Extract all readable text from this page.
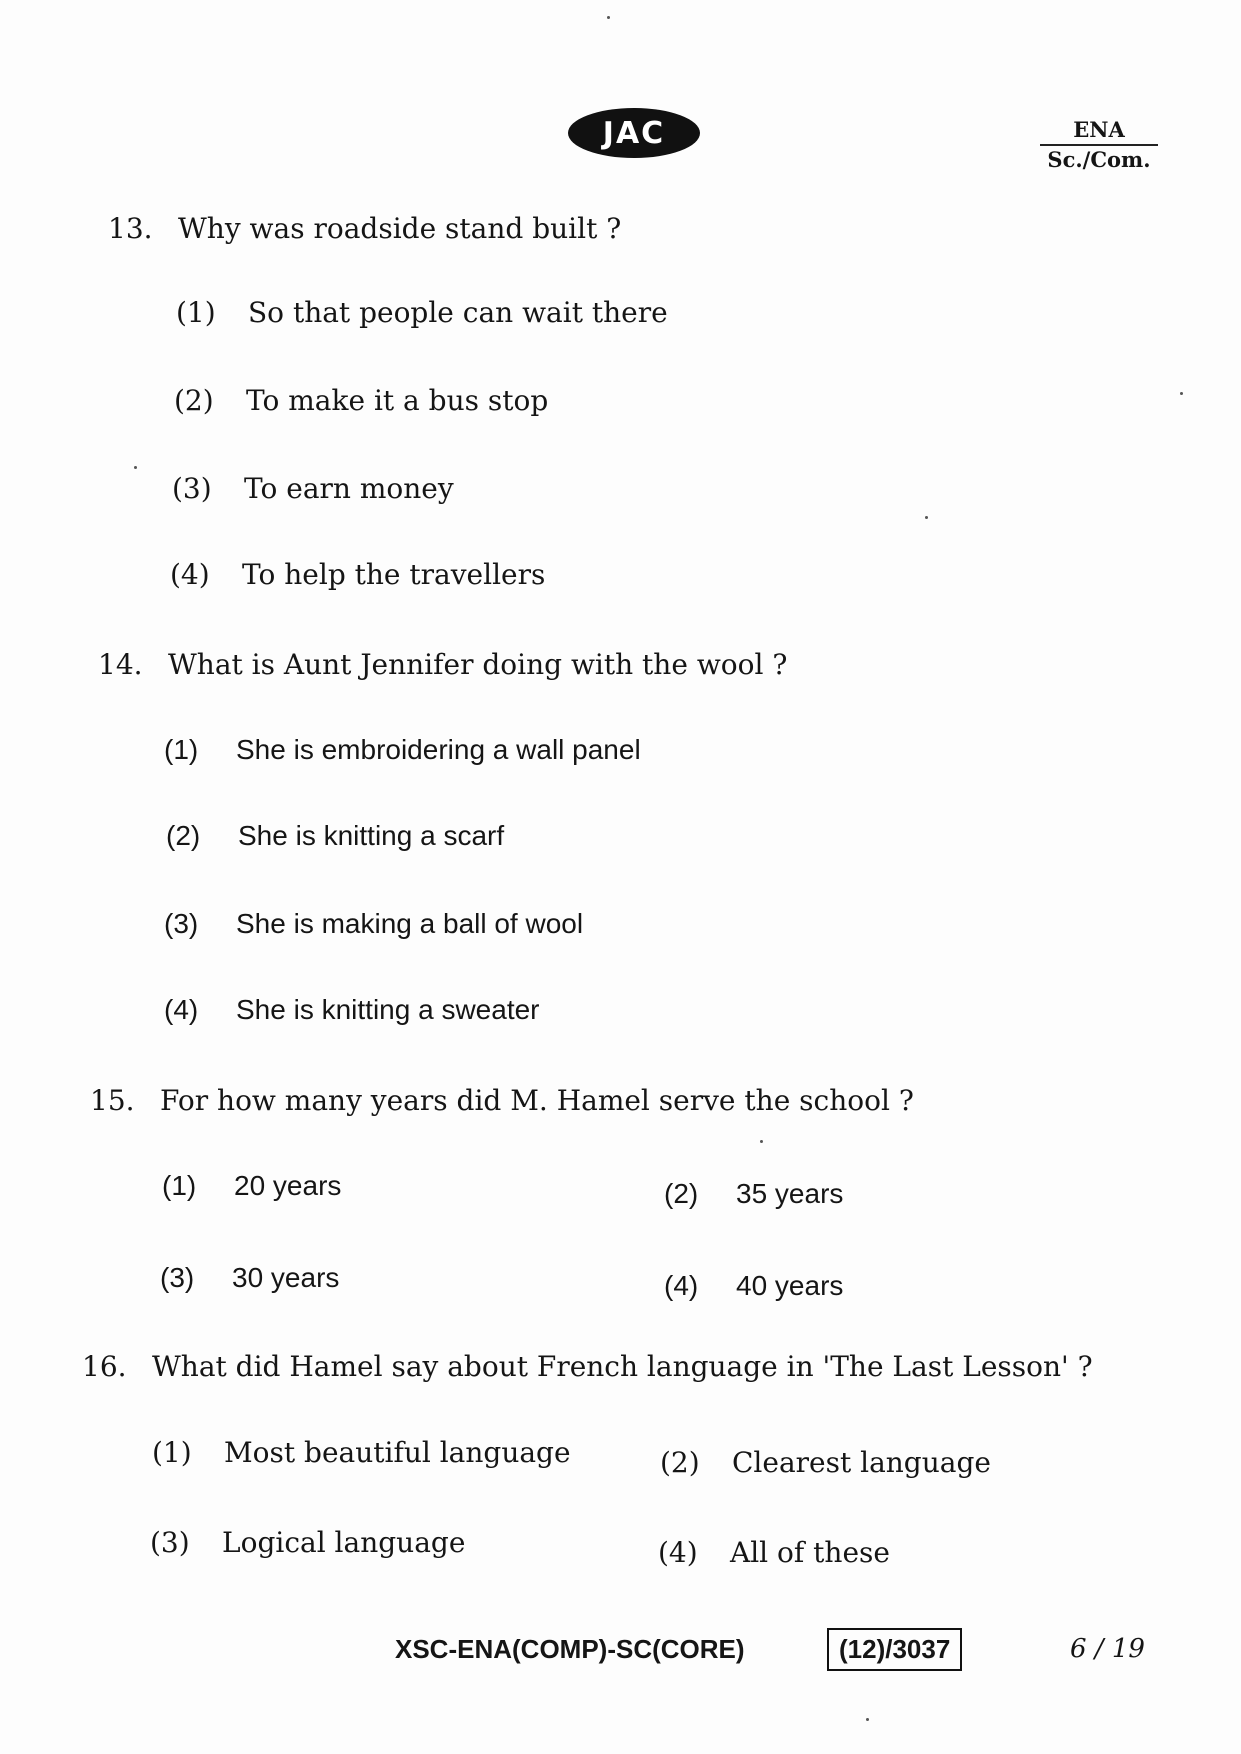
JAC	ENA
Sc./Com.
13. Why was roadside stand built ?
(1) So that people can wait there
(2) To make it a bus stop
(3) To earn money
(4) To help the travellers
14. What is Aunt Jennifer doing with the wool ?
(1) She is embroidering a wall panel
(2) She is knitting a scarf
(3) She is making a ball of wool
(4) She is knitting a sweater
15. For how many years did M. Hamel serve the school ?
(1) 20 years	(2) 35 years
(3) 30 years	(4) 40 years
16. What did Hamel say about French language in 'The Last Lesson' ?
(1) Most beautiful language	(2) Clearest language
(3) Logical language	(4) All of these
XSC-ENA(COMP)-SC(CORE)	(12)/3037	6 / 19
